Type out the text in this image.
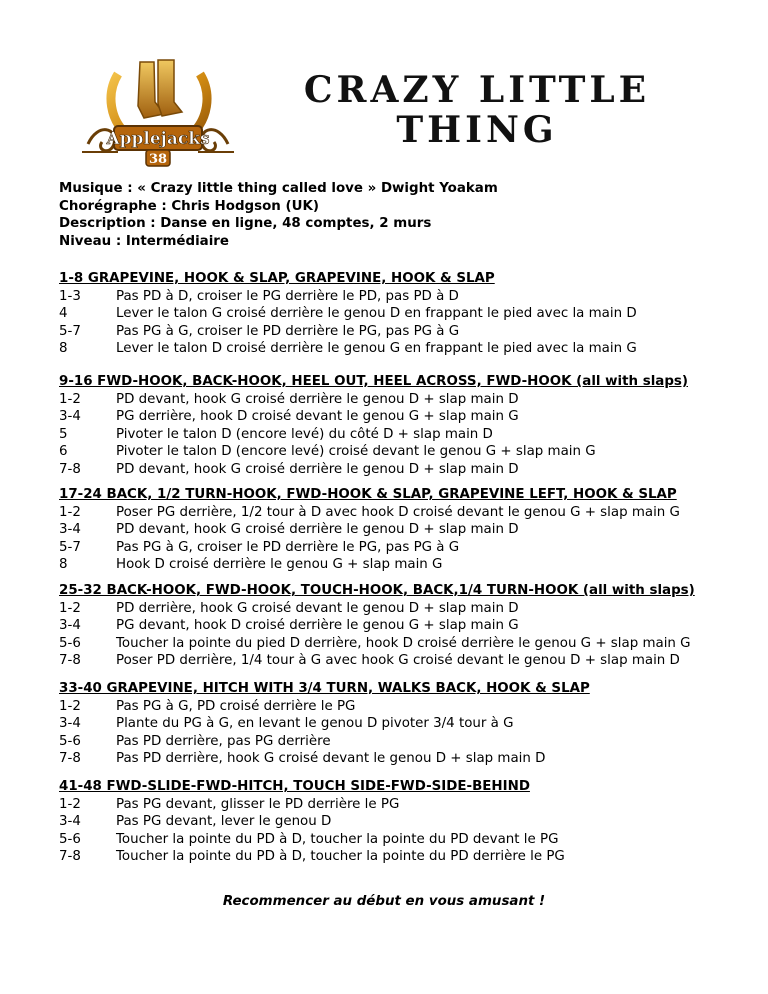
Applejacks
38
CRAZY LITTLE
THING
Musique : « Crazy little thing called love » Dwight Yoakam
Chorégraphe : Chris Hodgson (UK)
Description : Danse en ligne, 48 comptes, 2 murs
Niveau : Intermédiaire
1-8 GRAPEVINE, HOOK & SLAP, GRAPEVINE, HOOK & SLAP
1-3	Pas PD à D, croiser le PG derrière le PD, pas PD à D
4	Lever le talon G croisé derrière le genou D en frappant le pied avec la main D
5-7	Pas PG à G, croiser le PD derrière le PG, pas PG à G
8	Lever le talon D croisé derrière le genou G en frappant le pied avec la main G
9-16 FWD-HOOK, BACK-HOOK, HEEL OUT, HEEL ACROSS, FWD-HOOK (all with slaps)
1-2	PD devant, hook G croisé derrière le genou D + slap main D
3-4	PG derrière, hook D croisé devant le genou G + slap main G
5	Pivoter le talon D (encore levé) du côté D + slap main D
6	Pivoter le talon D (encore levé) croisé devant le genou G + slap main G
7-8	PD devant, hook G croisé derrière le genou D + slap main D
17-24 BACK, 1/2 TURN-HOOK, FWD-HOOK & SLAP, GRAPEVINE LEFT, HOOK & SLAP
1-2	Poser PG derrière, 1/2 tour à D avec hook D croisé devant le genou G + slap main G
3-4	PD devant, hook G croisé derrière le genou D + slap main D
5-7	Pas PG à G, croiser le PD derrière le PG, pas PG à G
8	Hook D croisé derrière le genou G + slap main G
25-32 BACK-HOOK, FWD-HOOK, TOUCH-HOOK, BACK,1/4 TURN-HOOK (all with slaps)
1-2	PD derrière, hook G croisé devant le genou D + slap main D
3-4	PG devant, hook D croisé derrière le genou G + slap main G
5-6	Toucher la pointe du pied D derrière, hook D croisé derrière le genou G + slap main G
7-8	Poser PD derrière, 1/4 tour à G avec hook G croisé devant le genou D + slap main D
33-40 GRAPEVINE, HITCH WITH 3/4 TURN, WALKS BACK, HOOK & SLAP
1-2	Pas PG à G, PD croisé derrière le PG
3-4	Plante du PG à G, en levant le genou D pivoter 3/4 tour à G
5-6	Pas PD derrière, pas PG derrière
7-8	Pas PD derrière, hook G croisé devant le genou D + slap main D
41-48 FWD-SLIDE-FWD-HITCH, TOUCH SIDE-FWD-SIDE-BEHIND
1-2	Pas PG devant, glisser le PD derrière le PG
3-4	Pas PG devant, lever le genou D
5-6	Toucher la pointe du PD à D, toucher la pointe du PD devant le PG
7-8	Toucher la pointe du PD à D, toucher la pointe du PD derrière le PG
Recommencer au début en vous amusant !
